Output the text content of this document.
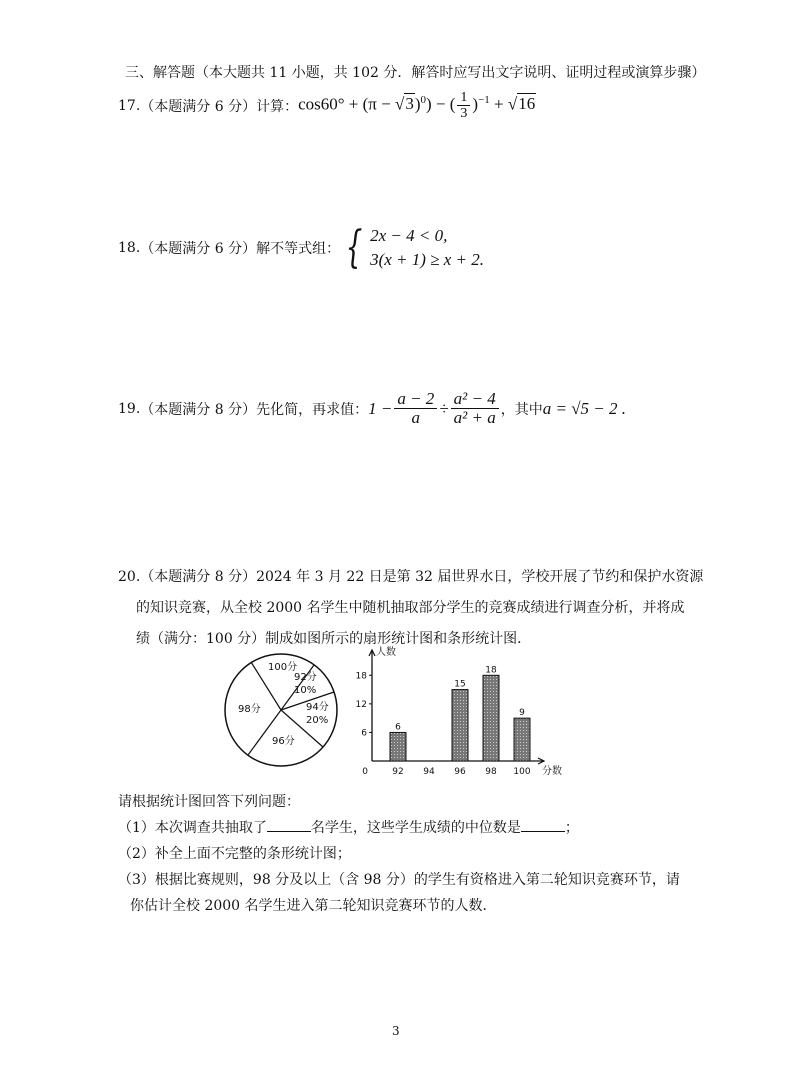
三、解答题（本大题共 11 小题，共 102 分．解答时应写出文字说明、证明过程或演算步骤）
17. （本题满分 6 分）计算： $\cos 60^\circ + (\pi - √3)^0$) − ( $\frac{1}{3} )^{-1} + √16$
18. （本题满分 6 分）解不等式组： { 2x − 4 < 0,
3(x + 1) ≥ x + 2.
19. （本题满分 8 分）先化简，再求值： $1 - \frac{a - 2}{a} \div \frac{\text{a² − 4}}{\text{a² + a}}$ ，其中 a = √5 − 2 .
20.（本题满分 8 分）2024 年 3 月 22 日是第 32 届世界水日，学校开展了节约和保护水资源
的知识竞赛，从全校 2000 名学生中随机抽取部分学生的竞赛成绩进行调查分析，并将成
绩（满分：100 分）制成如图所示的扇形统计图和条形统计图．
100分
92分
10%
94分
20%
96分
98分
人数
分数
0
6
12
18
92
6
94 96
15
98
18
100
9
请根据统计图回答下列问题：
（1）本次调查共抽取了	名学生，这些学生成绩的中位数是	；
（2）补全上面不完整的条形统计图；
（3）根据比赛规则，98 分及以上（含 98 分）的学生有资格进入第二轮知识竞赛环节，请
你估计全校 2000 名学生进入第二轮知识竞赛环节的人数．
3
